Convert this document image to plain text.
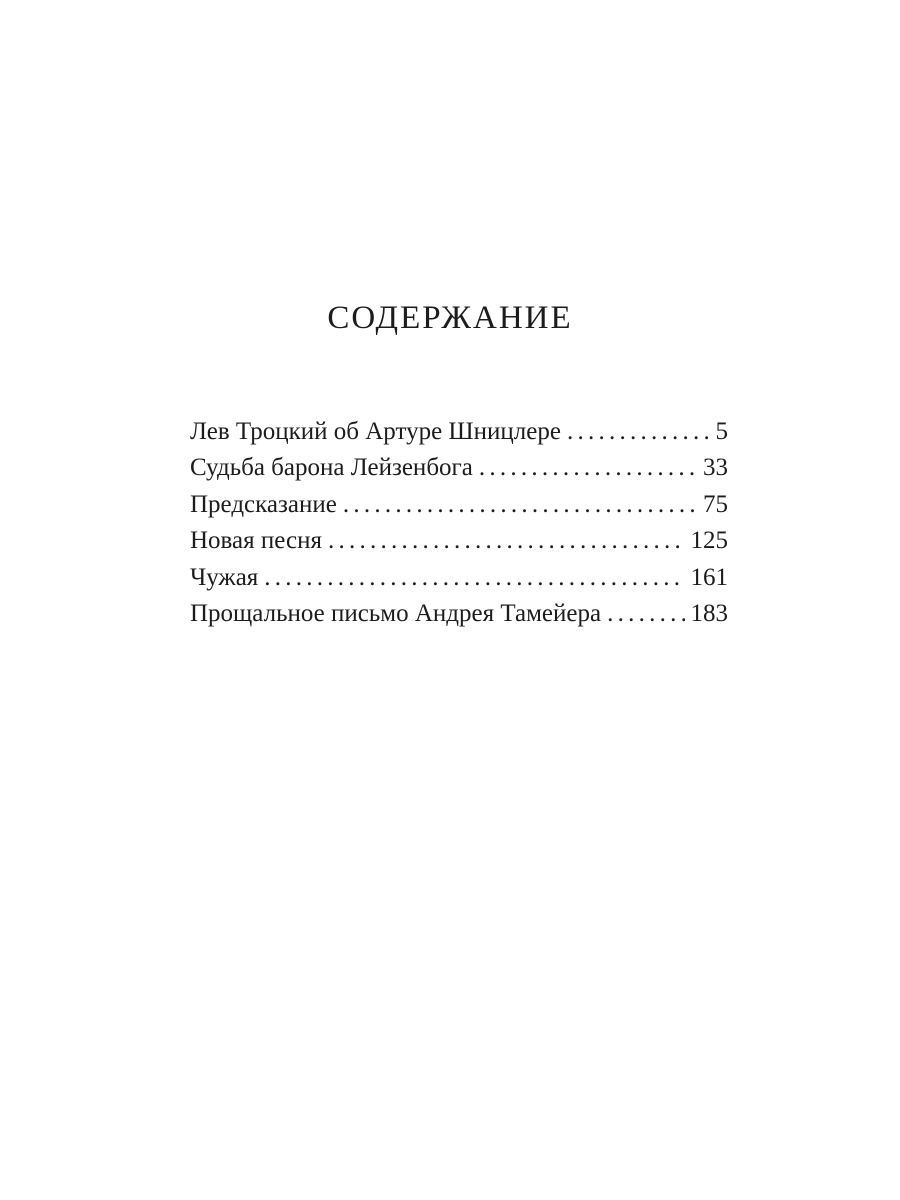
СОДЕРЖАНИЕ
Лев Троцкий об Артуре Шницлере . . .	5
Судьба барона Лейзенбога . . .	33
Предсказание . . .	75
Новая песня . . .	125
Чужая . . .	161
Прощальное письмо Андрея Тамейера . . .	183
